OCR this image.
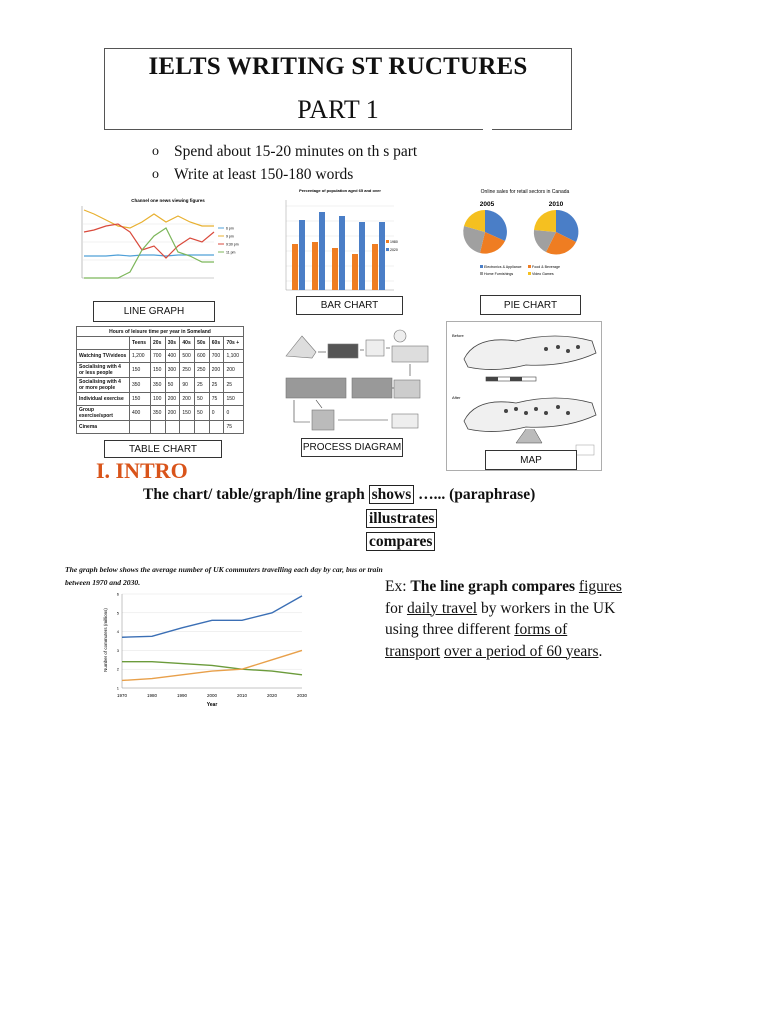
IELTS WRITING ST RUCTURES
PART 1
o Spend about 15-20 minutes on th s part
o Write at least 150-180 words
Channel one news viewing figures
6 pm
9 pm
9:30 pm
11 pm
LINE GRAPH
Percentage of population aged 65 and over
1980
2020
BAR CHART
Online sales for retail sectors in Canada
2005	2010
Electronics & Appliance	Food & Beverage
Home Furnishings	Video Games
PIE CHART
Hours of leisure time per year in Someland							
	Teens	20s	30s	40s	50s	60s	70s +
Watching TV/videos	1,200	700	400	500	600	700	1,100
Socialising with 4 or less people	150	150	300	250	250	200	200
Socialising with 4 or more people	350	350	50	90	25	25	25
Individual exercise	150	100	200	200	50	75	150
Group exercise/sport	400	350	200	150	50	0	0
Cinema							75
TABLE CHART	PROCESS DIAGRAM
Before
After
MAP
I. INTRO
The chart/ table/graph/line graph shows …... (paraphrase)
illustrates
compares
The graph below shows the average number of UK commuters travelling each day by car, bus or train between 1970 and 2030.
1970	1980	1990	2000	2010	2020	2030
1
2
3
4
5
6
Number of commuters (millions)
Year
Ex: The line graph compares figures for daily travel by workers in the UK using three different forms of transport over a period of 60 years.
